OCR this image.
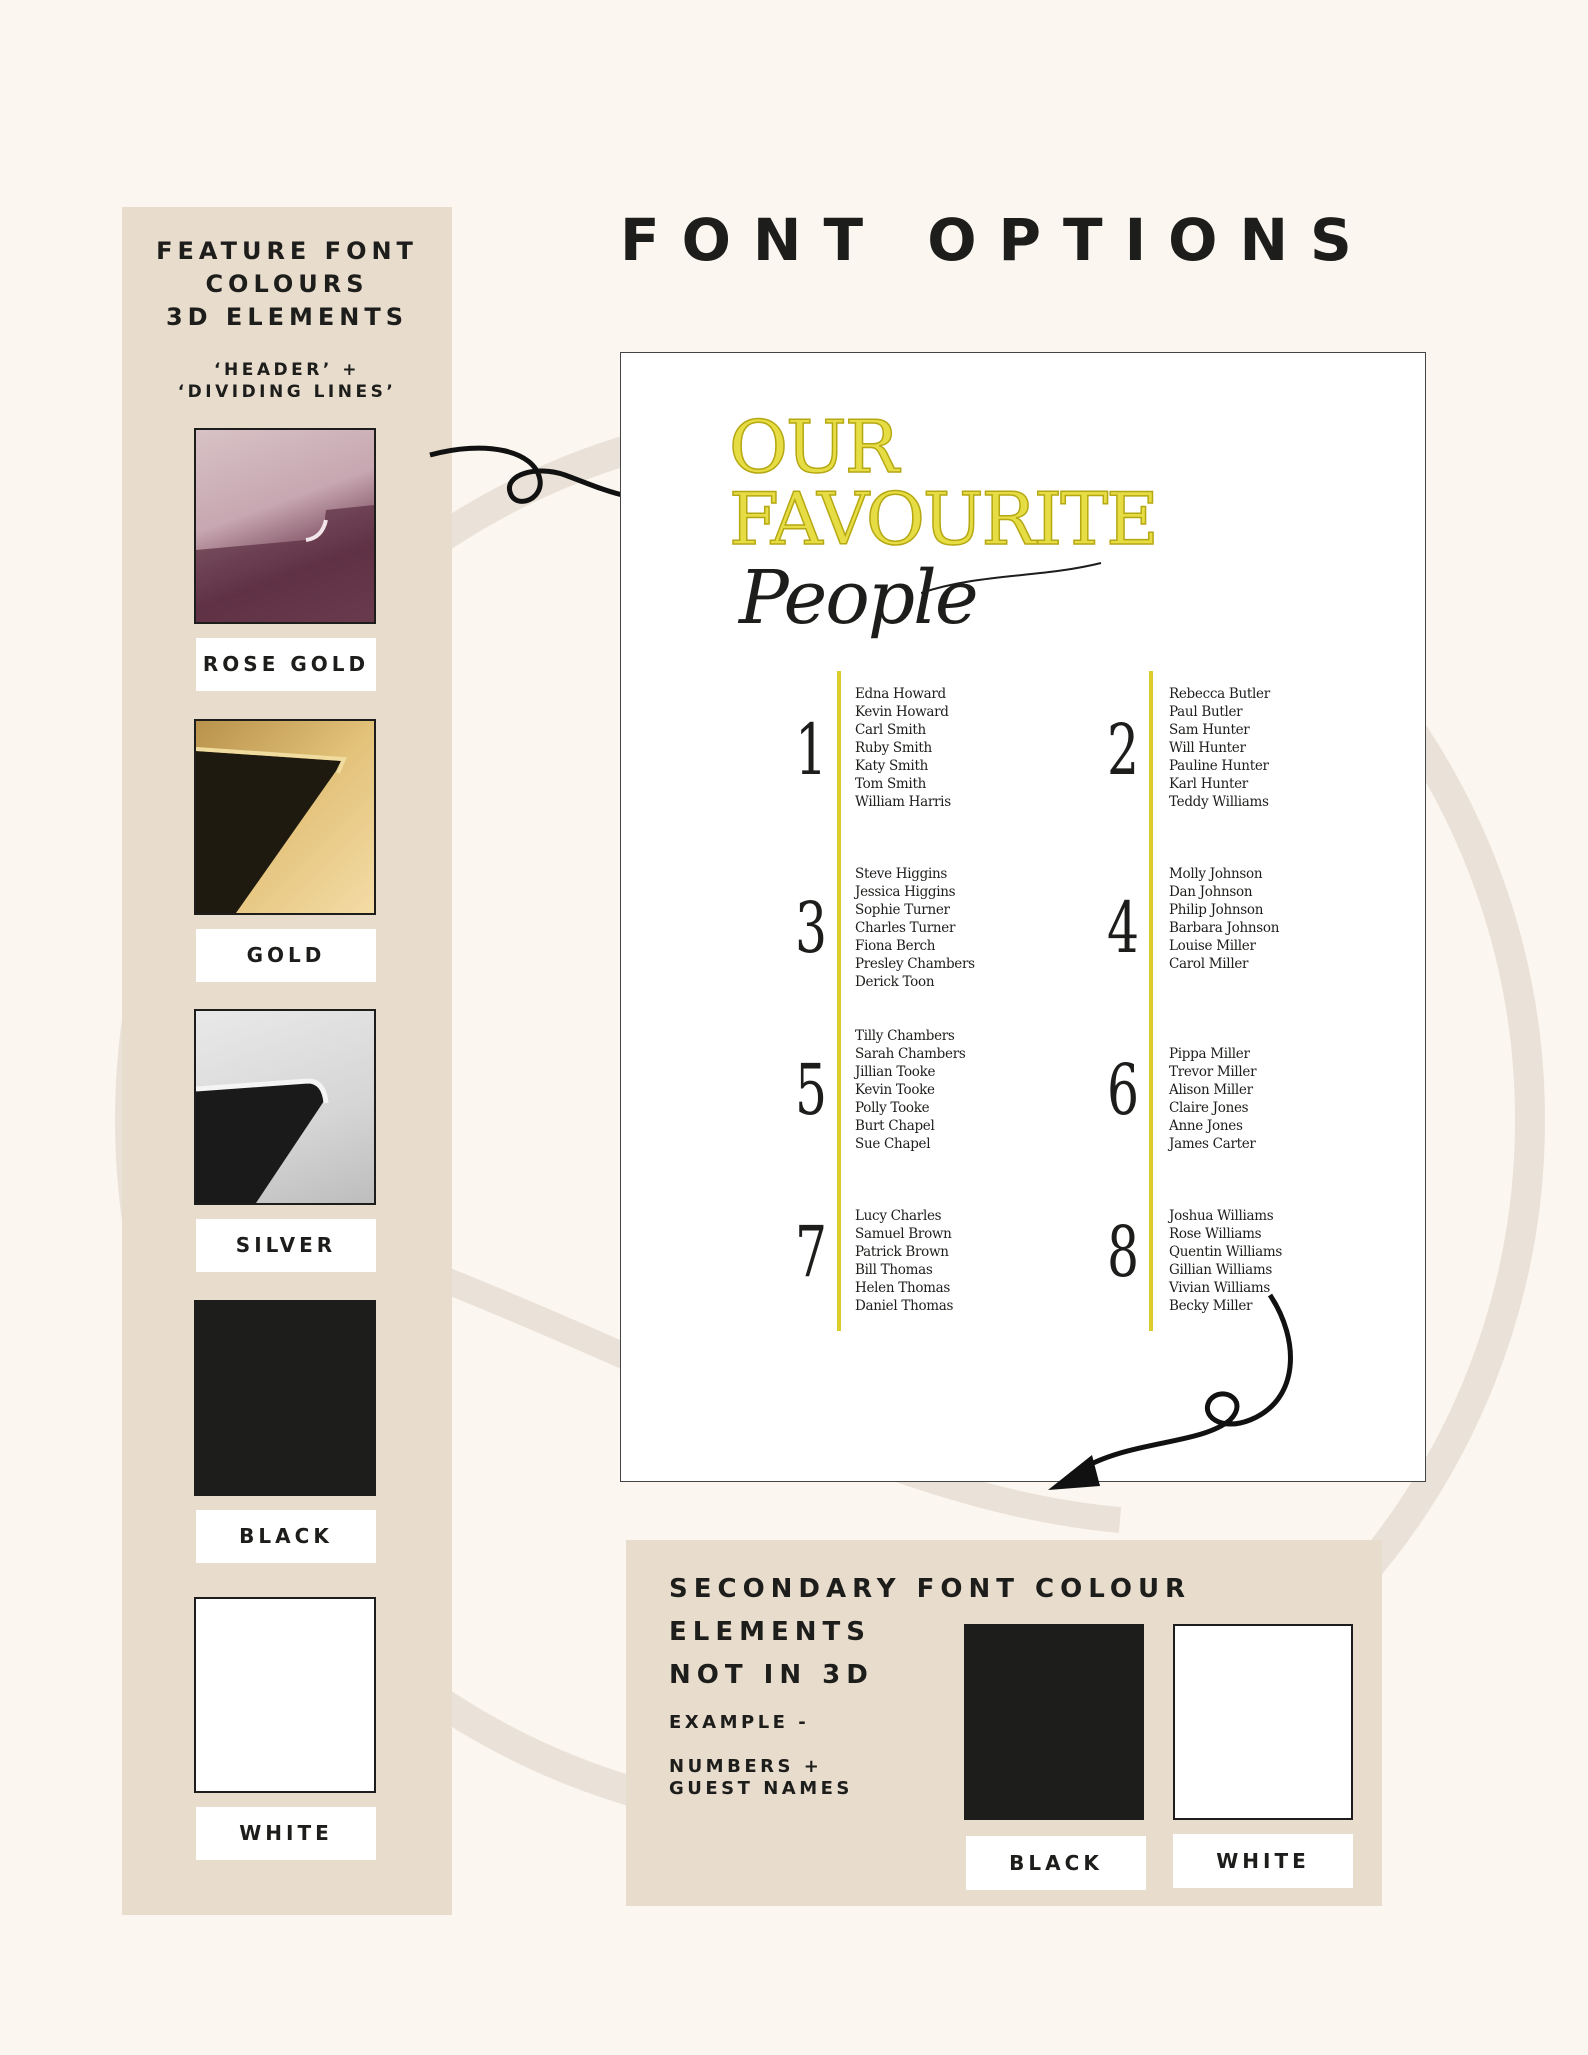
FONT OPTIONS
FEATURE FONT
COLOURS
3D ELEMENTS
‘HEADER’ +
‘DIVIDING LINES’
ROSE GOLD
GOLD
SILVER
BLACK
WHITE
OUR
FAVOURITE
People
1
Edna Howard
Kevin Howard
Carl Smith
Ruby Smith
Katy Smith
Tom Smith
William Harris
2
Rebecca Butler
Paul Butler
Sam Hunter
Will Hunter
Pauline Hunter
Karl Hunter
Teddy Williams
3
Steve Higgins
Jessica Higgins
Sophie Turner
Charles Turner
Fiona Berch
Presley Chambers
Derick Toon
4
Molly Johnson
Dan Johnson
Philip Johnson
Barbara Johnson
Louise Miller
Carol Miller
5
Tilly Chambers
Sarah Chambers
Jillian Tooke
Kevin Tooke
Polly Tooke
Burt Chapel
Sue Chapel
6	Pippa Miller
Trevor Miller
Alison Miller
Claire Jones
Anne Jones
James Carter
7	Lucy Charles
Samuel Brown
Patrick Brown
Bill Thomas
Helen Thomas
Daniel Thomas
8	Joshua Williams
Rose Williams
Quentin Williams
Gillian Williams
Vivian Williams
Becky Miller
SECONDARY FONT COLOUR
ELEMENTS
NOT IN 3D
EXAMPLE -
NUMBERS +
GUEST NAMES
BLACK	WHITE
